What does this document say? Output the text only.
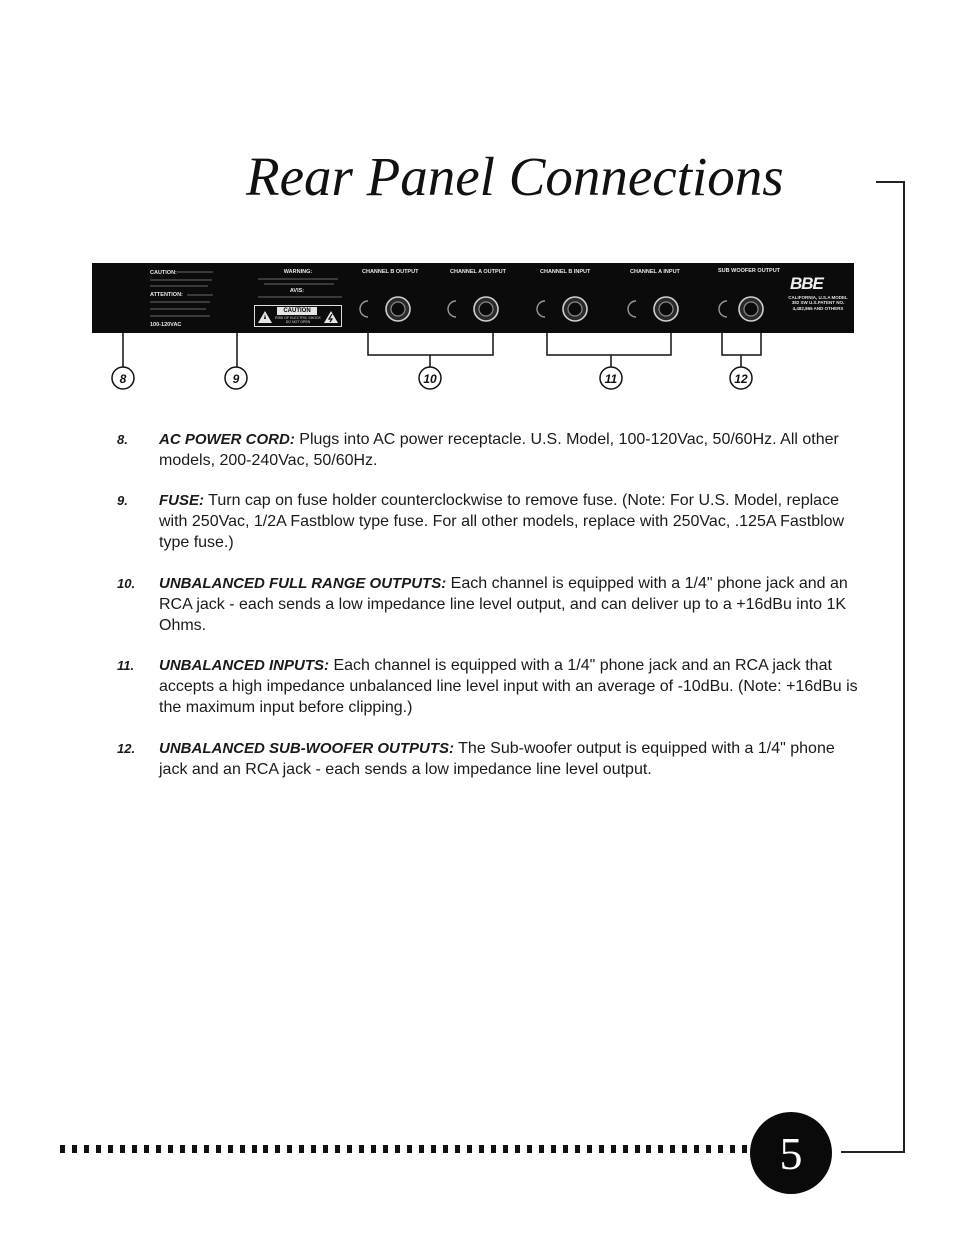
Rear Panel Connections
CAUTION:
ATTENTION:
100-120VAC
WARNING:
AVIS:
CAUTION
RISK OF ELECTRIC SHOCK DO NOT OPEN
CHANNEL B OUTPUT	CHANNEL A OUTPUT	CHANNEL B INPUT	CHANNEL A INPUT	SUB WOOFER OUTPUT
BBE
CALIFORNIA, U.S.A MODEL 382 SW U.S.PATENT NO. 4,482,866 AND OTHERS
8	9	10	11	12
8. AC POWER CORD: Plugs into AC power receptacle. U.S. Model, 100-120Vac, 50/60Hz. All other models, 200-240Vac, 50/60Hz.
9. FUSE: Turn cap on fuse holder counterclockwise to remove fuse. (Note: For U.S. Model, replace with 250Vac, 1/2A Fastblow type fuse. For all other models, replace with 250Vac, .125A Fastblow type fuse.)
10. UNBALANCED FULL RANGE OUTPUTS: Each channel is equipped with a 1/4" phone jack and an RCA jack - each sends a low impedance line level output, and can deliver up to a +16dBu into 1K Ohms.
11. UNBALANCED INPUTS: Each channel is equipped with a 1/4" phone jack and an RCA jack that accepts a high impedance unbalanced line level input with an average of -10dBu. (Note: +16dBu is the maximum input before clipping.)
12. UNBALANCED SUB-WOOFER OUTPUTS: The Sub-woofer output is equipped with a 1/4" phone jack and an RCA jack - each sends a low impedance line level output.
5
